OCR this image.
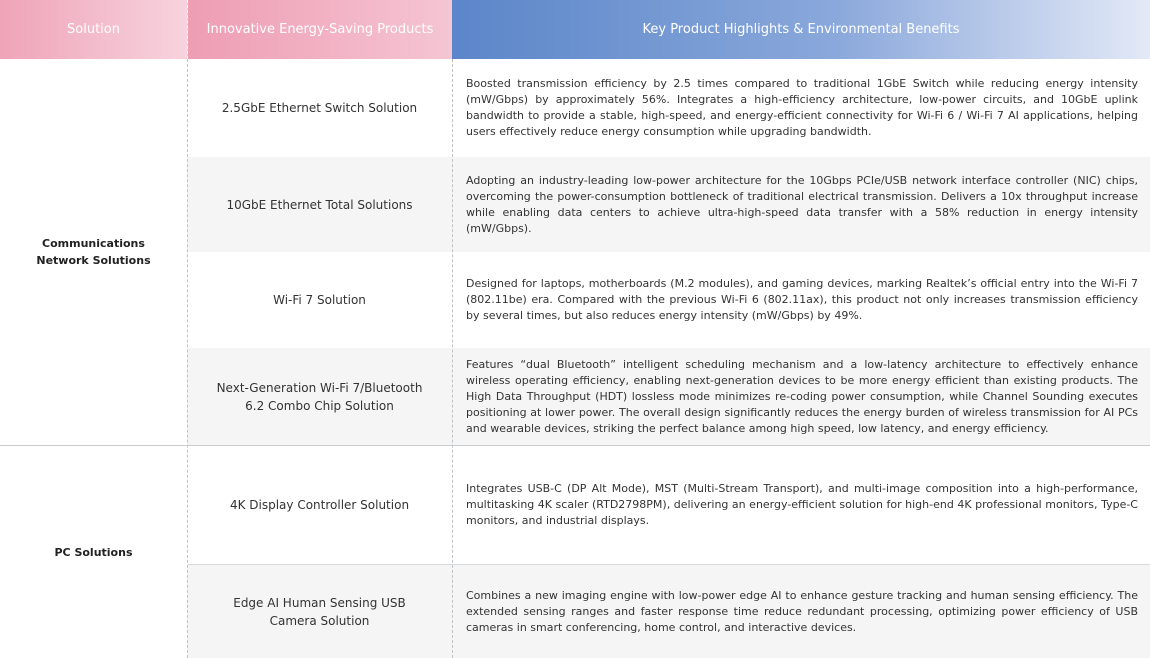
Solution	Innovative Energy-Saving Products	Key Product Highlights & Environmental Benefits
2.5GbE Ethernet Switch Solution
Boosted transmission efficiency by 2.5 times compared to traditional 1GbE Switch while reducing energy intensity (mW/Gbps) by approximately 56%. Integrates a high-efficiency architecture, low-power circuits, and 10GbE uplink bandwidth to provide a stable, high-speed, and energy-efficient connectivity for Wi-Fi 6 / Wi-Fi 7 AI applications, helping users effectively reduce energy consumption while upgrading bandwidth.
10GbE Ethernet Total Solutions
Adopting an industry-leading low-power architecture for the 10Gbps PCIe/USB network interface controller (NIC) chips, overcoming the power-consumption bottleneck of traditional electrical transmission. Delivers a 10x throughput increase while enabling data centers to achieve ultra-high-speed data transfer with a 58% reduction in energy intensity (mW/Gbps).
Wi-Fi 7 Solution
Designed for laptops, motherboards (M.2 modules), and gaming devices, marking Realtek’s official entry into the Wi-Fi 7 (802.11be) era. Compared with the previous Wi-Fi 6 (802.11ax), this product not only increases transmission efficiency by several times, but also reduces energy intensity (mW/Gbps) by 49%.
Next-Generation Wi-Fi 7/Bluetooth 6.2 Combo Chip Solution
Features “dual Bluetooth” intelligent scheduling mechanism and a low-latency architecture to effectively enhance wireless operating efficiency, enabling next-generation devices to be more energy efficient than existing products. The High Data Throughput (HDT) lossless mode minimizes re-coding power consumption, while Channel Sounding executes positioning at lower power. The overall design significantly reduces the energy burden of wireless transmission for AI PCs and wearable devices, striking the perfect balance among high speed, low latency, and energy efficiency.
4K Display Controller Solution
Integrates USB-C (DP Alt Mode), MST (Multi-Stream Transport), and multi-image composition into a high-performance, multitasking 4K scaler (RTD2798PM), delivering an energy-efficient solution for high-end 4K professional monitors, Type-C monitors, and industrial displays.
Edge AI Human Sensing USB Camera Solution
Combines a new imaging engine with low-power edge AI to enhance gesture tracking and human sensing efficiency. The extended sensing ranges and faster response time reduce redundant processing, optimizing power efficiency of USB cameras in smart conferencing, home control, and interactive devices.
Communications
Network Solutions
PC Solutions
